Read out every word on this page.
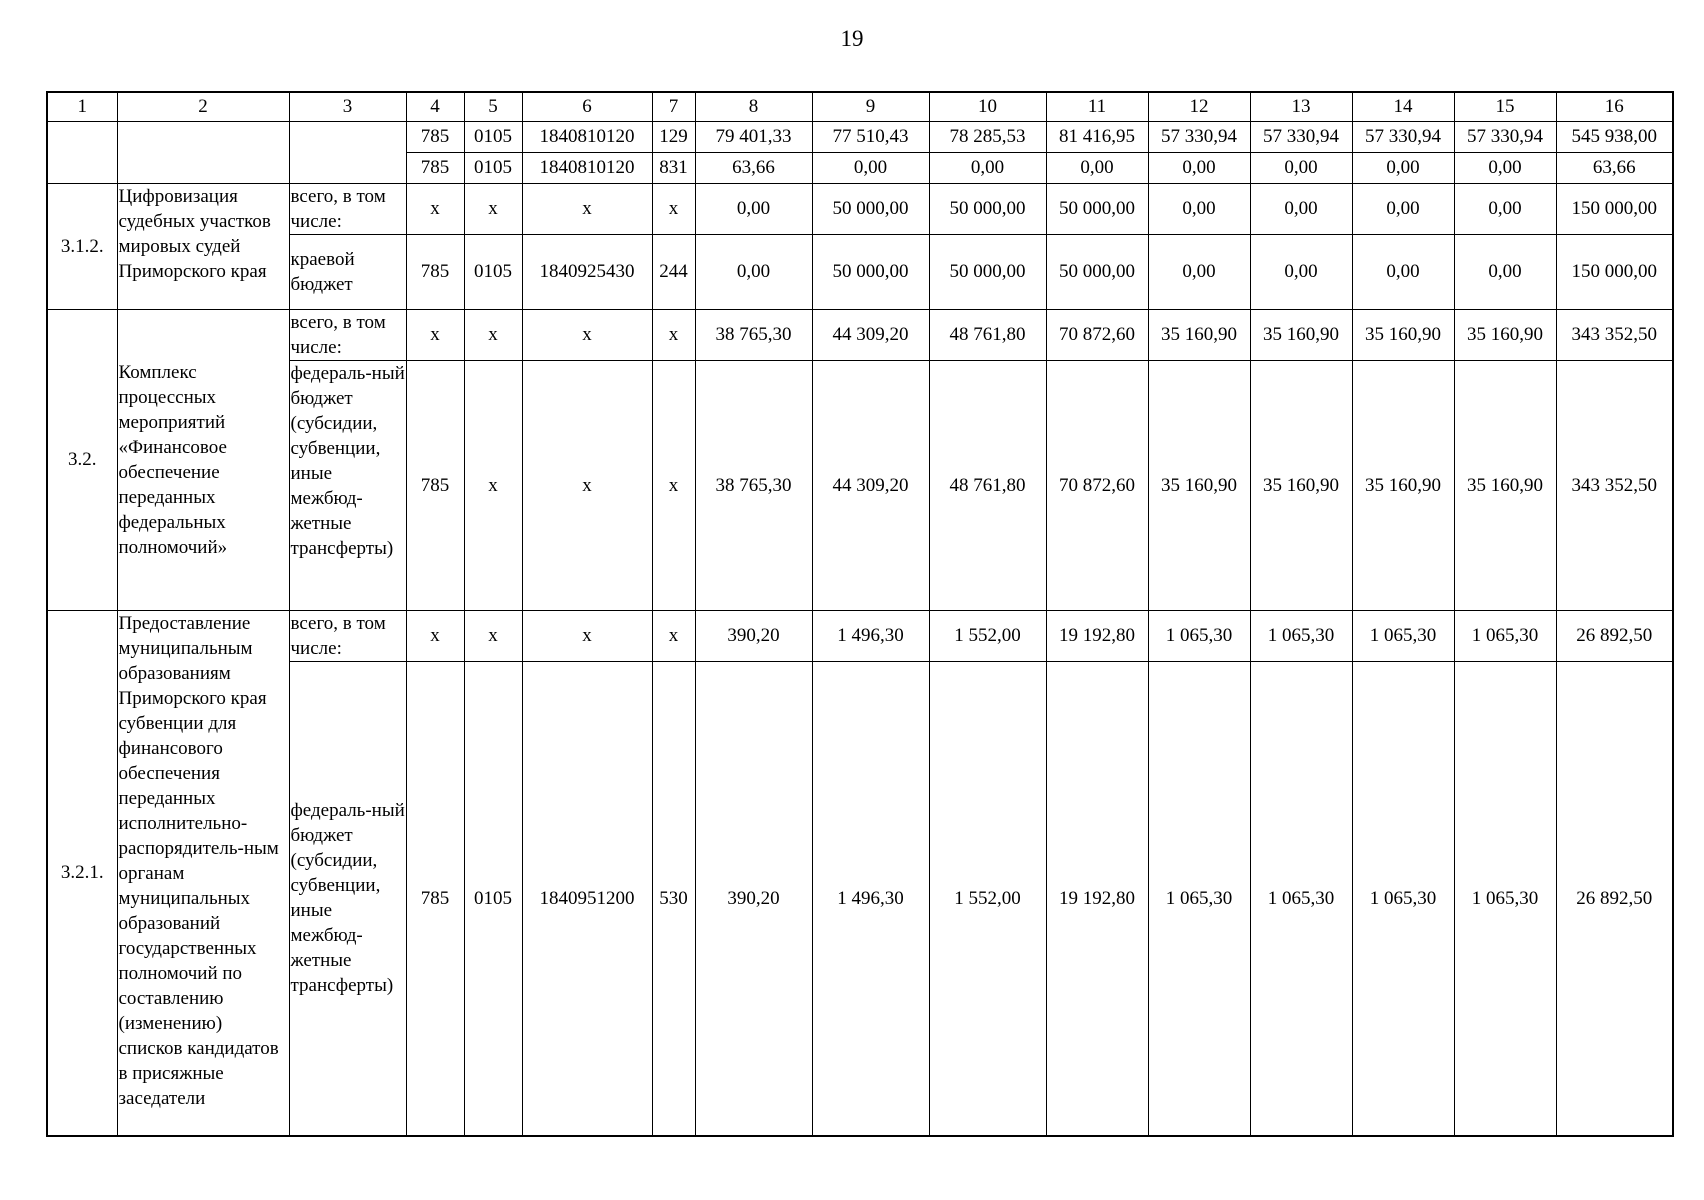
19
1	2	3	4	5	6	7	8	9	10	11	12	13	14	15	16
			785	0105	1840810120	129	79 401,33	77 510,43	78 285,53	81 416,95	57 330,94	57 330,94	57 330,94	57 330,94	545 938,00
			785	0105	1840810120	831	63,66	0,00	0,00	0,00	0,00	0,00	0,00	0,00	63,66
3.1.2.	Цифровизация судебных участков мировых судей Приморского края	всего, в том числе:	x	x	x	x	0,00	50 000,00	50 000,00	50 000,00	0,00	0,00	0,00	0,00	150 000,00
		краевой бюджет	785	0105	1840925430	244	0,00	50 000,00	50 000,00	50 000,00	0,00	0,00	0,00	0,00	150 000,00
3.2.	Комплекс процессных мероприятий «Финансовое обеспечение переданных федеральных полномочий»	всего, в том числе:	x	x	x	x	38 765,30	44 309,20	48 761,80	70 872,60	35 160,90	35 160,90	35 160,90	35 160,90	343 352,50
		федераль-ный бюджет (субсидии, субвенции, иные межбюд-жетные трансферты)	785	x	x	x	38 765,30	44 309,20	48 761,80	70 872,60	35 160,90	35 160,90	35 160,90	35 160,90	343 352,50
3.2.1.	Предоставление муниципальным образованиям Приморского края субвенции для финансового обеспечения переданных исполнительно-распорядитель-ным органам муниципальных образований государственных полномочий по составлению (изменению) списков кандидатов в присяжные заседатели	всего, в том числе:	x	x	x	x	390,20	1 496,30	1 552,00	19 192,80	1 065,30	1 065,30	1 065,30	1 065,30	26 892,50
		федераль-ный бюджет (субсидии, субвенции, иные межбюд-жетные трансферты)	785	0105	1840951200	530	390,20	1 496,30	1 552,00	19 192,80	1 065,30	1 065,30	1 065,30	1 065,30	26 892,50
